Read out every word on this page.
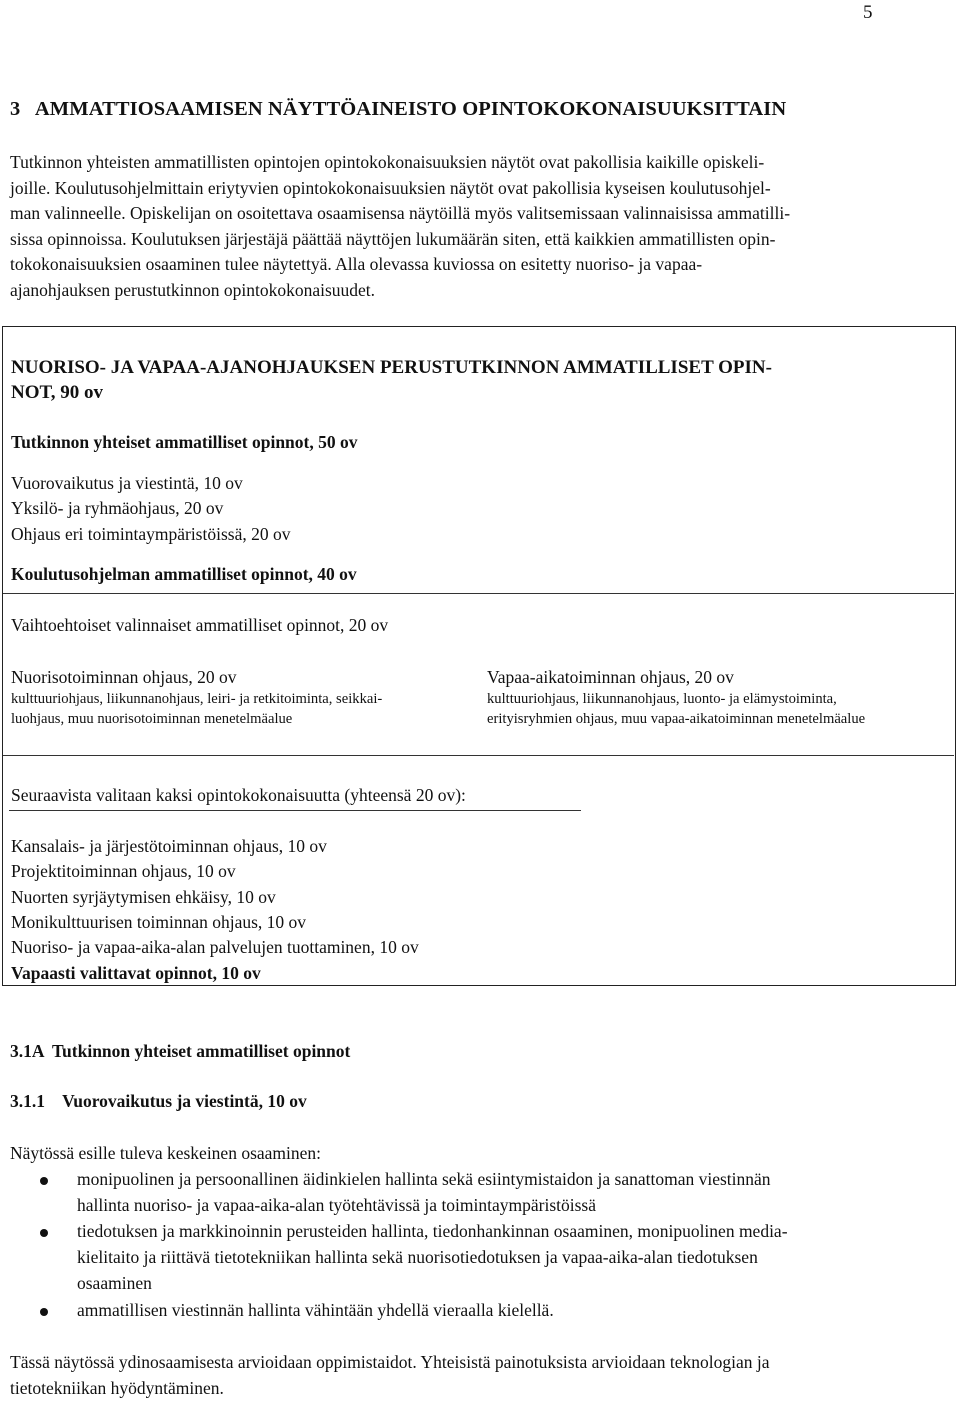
5
3   AMMATTIOSAAMISEN NÄYTTÖAINEISTO OPINTOKOKONAISUUKSITTAIN

Tutkinnon yhteisten ammatillisten opintojen opintokokonaisuuksien näytöt ovat pakollisia kaikille opiskeli-
joille. Koulutusohjelmittain eriytyvien opintokokonaisuuksien näytöt ovat pakollisia kyseisen koulutusohjel-
man valinneelle. Opiskelijan on osoitettava osaamisensa näytöillä myös valitsemissaan valinnaisissa ammatilli-
sissa opinnoissa. Koulutuksen järjestäjä päättää näyttöjen lukumäärän siten, että kaikkien ammatillisten opin-
tokokonaisuuksien osaaminen tulee näytettyä. Alla olevassa kuviossa on esitetty nuoriso- ja vapaa-
ajanohjauksen perustutkinnon opintokokonaisuudet.

NUORISO- JA VAPAA-AJANOHJAUKSEN PERUSTUTKINNON AMMATILLISET OPIN-
NOT, 90 ov
Tutkinnon yhteiset ammatilliset opinnot, 50 ov
Vuorovaikutus ja viestintä, 10 ov
Yksilö- ja ryhmäohjaus, 20 ov
Ohjaus eri toimintaympäristöissä, 20 ov
Koulutusohjelman ammatilliset opinnot, 40 ov
Vaihtoehtoiset valinnaiset ammatilliset opinnot, 20 ov
Nuorisotoiminnan ohjaus, 20 ov
kulttuuriohjaus, liikunnanohjaus, leiri- ja retkitoiminta, seikkai-
luohjaus, muu nuorisotoiminnan menetelmäalue
Vapaa-aikatoiminnan ohjaus, 20 ov
kulttuuriohjaus, liikunnanohjaus, luonto- ja elämystoiminta,
erityisryhmien ohjaus, muu vapaa-aikatoiminnan menetelmäalue
Seuraavista valitaan kaksi opintokokonaisuutta (yhteensä 20 ov):
Kansalais- ja järjestötoiminnan ohjaus, 10 ov
Projektitoiminnan ohjaus, 10 ov
Nuorten syrjäytymisen ehkäisy, 10 ov
Monikulttuurisen toiminnan ohjaus, 10 ov
Nuoriso- ja vapaa-aika-alan palvelujen tuottaminen, 10 ov
Vapaasti valittavat opinnot, 10 ov
3.1A  Tutkinnon yhteiset ammatilliset opinnot
3.1.1    Vuorovaikutus ja viestintä, 10 ov
Näytössä esille tuleva keskeinen osaaminen:
monipuolinen ja persoonallinen äidinkielen hallinta sekä esiintymistaidon ja sanattoman viestinnän
hallinta nuoriso- ja vapaa-aika-alan työtehtävissä ja toimintaympäristöissä
tiedotuksen ja markkinoinnin perusteiden hallinta, tiedonhankinnan osaaminen, monipuolinen media-
kielitaito ja riittävä tietotekniikan hallinta sekä nuorisotiedotuksen ja vapaa-aika-alan tiedotuksen
osaaminen
ammatillisen viestinnän hallinta vähintään yhdellä vieraalla kielellä.
Tässä näytössä ydinosaamisesta arvioidaan oppimistaidot. Yhteisistä painotuksista arvioidaan teknologian ja
tietotekniikan hyödyntäminen.
